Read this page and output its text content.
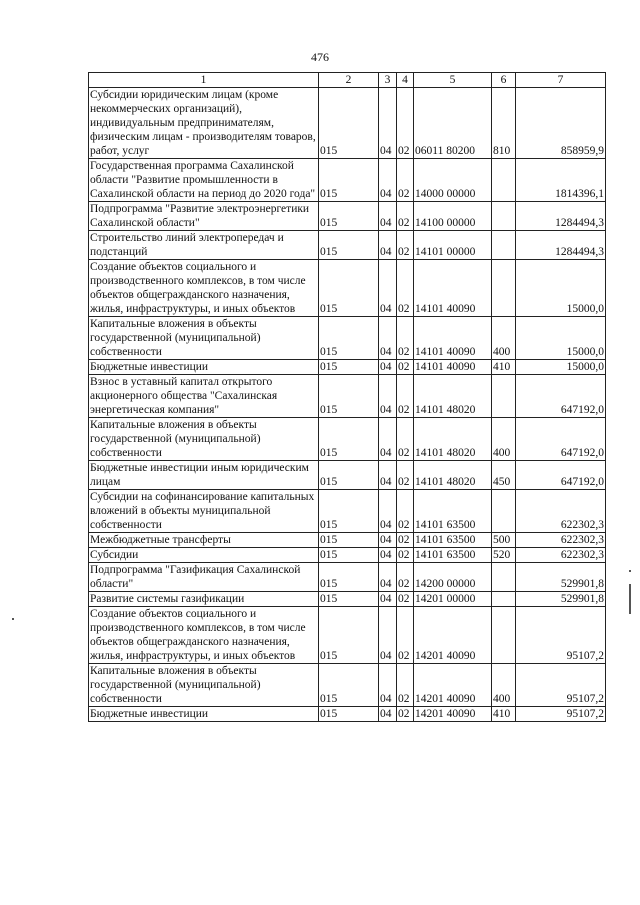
476
1	2	3	4	5	6	7
Субсидии юридическим лицам (кроме некоммерческих организаций), индивидуальным предпринимателям, физическим лицам - производителям товаров, работ, услуг	015	04	02	06011 80200	810	858959,9
Государственная программа Сахалинской области "Развитие промышленности в Сахалинской области на период до 2020 года"	015	04	02	14000 00000		1814396,1
Подпрограмма "Развитие электроэнергетики Сахалинской области"	015	04	02	14100 00000		1284494,3
Строительство линий электропередач и подстанций	015	04	02	14101 00000		1284494,3
Создание объектов социального и производственного комплексов, в том числе объектов общегражданского назначения, жилья, инфраструктуры, и иных объектов	015	04	02	14101 40090		15000,0
Капитальные вложения в объекты государственной (муниципальной) собственности	015	04	02	14101 40090	400	15000,0
Бюджетные инвестиции	015	04	02	14101 40090	410	15000,0
Взнос в уставный капитал открытого акционерного общества "Сахалинская энергетическая компания"	015	04	02	14101 48020		647192,0
Капитальные вложения в объекты государственной (муниципальной) собственности	015	04	02	14101 48020	400	647192,0
Бюджетные инвестиции иным юридическим лицам	015	04	02	14101 48020	450	647192,0
Субсидии на софинансирование капитальных вложений в объекты муниципальной собственности	015	04	02	14101 63500		622302,3
Межбюджетные трансферты	015	04	02	14101 63500	500	622302,3
Субсидии	015	04	02	14101 63500	520	622302,3
Подпрограмма "Газификация Сахалинской области"	015	04	02	14200 00000		529901,8
Развитие системы газификации	015	04	02	14201 00000		529901,8
Создание объектов социального и производственного комплексов, в том числе объектов общегражданского назначения, жилья, инфраструктуры, и иных объектов	015	04	02	14201 40090		95107,2
Капитальные вложения в объекты государственной (муниципальной) собственности	015	04	02	14201 40090	400	95107,2
Бюджетные инвестиции	015	04	02	14201 40090	410	95107,2
